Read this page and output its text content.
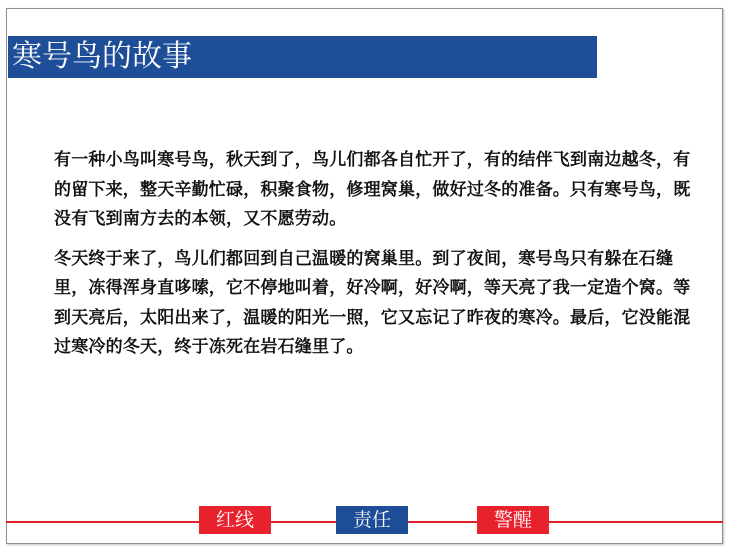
寒号鸟的故事

有一种小鸟叫寒号鸟，秋天到了，鸟儿们都各自忙开了，有的结伴飞到南边越冬，有的留下来，整天辛勤忙碌，积聚食物，修理窝巢，做好过冬的准备。只有寒号鸟，既没有飞到南方去的本领，又不愿劳动。

冬天终于来了，鸟儿们都回到自己温暖的窝巢里。到了夜间，寒号鸟只有躲在石缝里，冻得浑身直哆嗦，它不停地叫着，好冷啊，好冷啊，等天亮了我一定造个窝。等到天亮后，太阳出来了，温暖的阳光一照，它又忘记了昨夜的寒冷。最后，它没能混过寒冷的冬天，终于冻死在岩石缝里了。

红线	责任	警醒
